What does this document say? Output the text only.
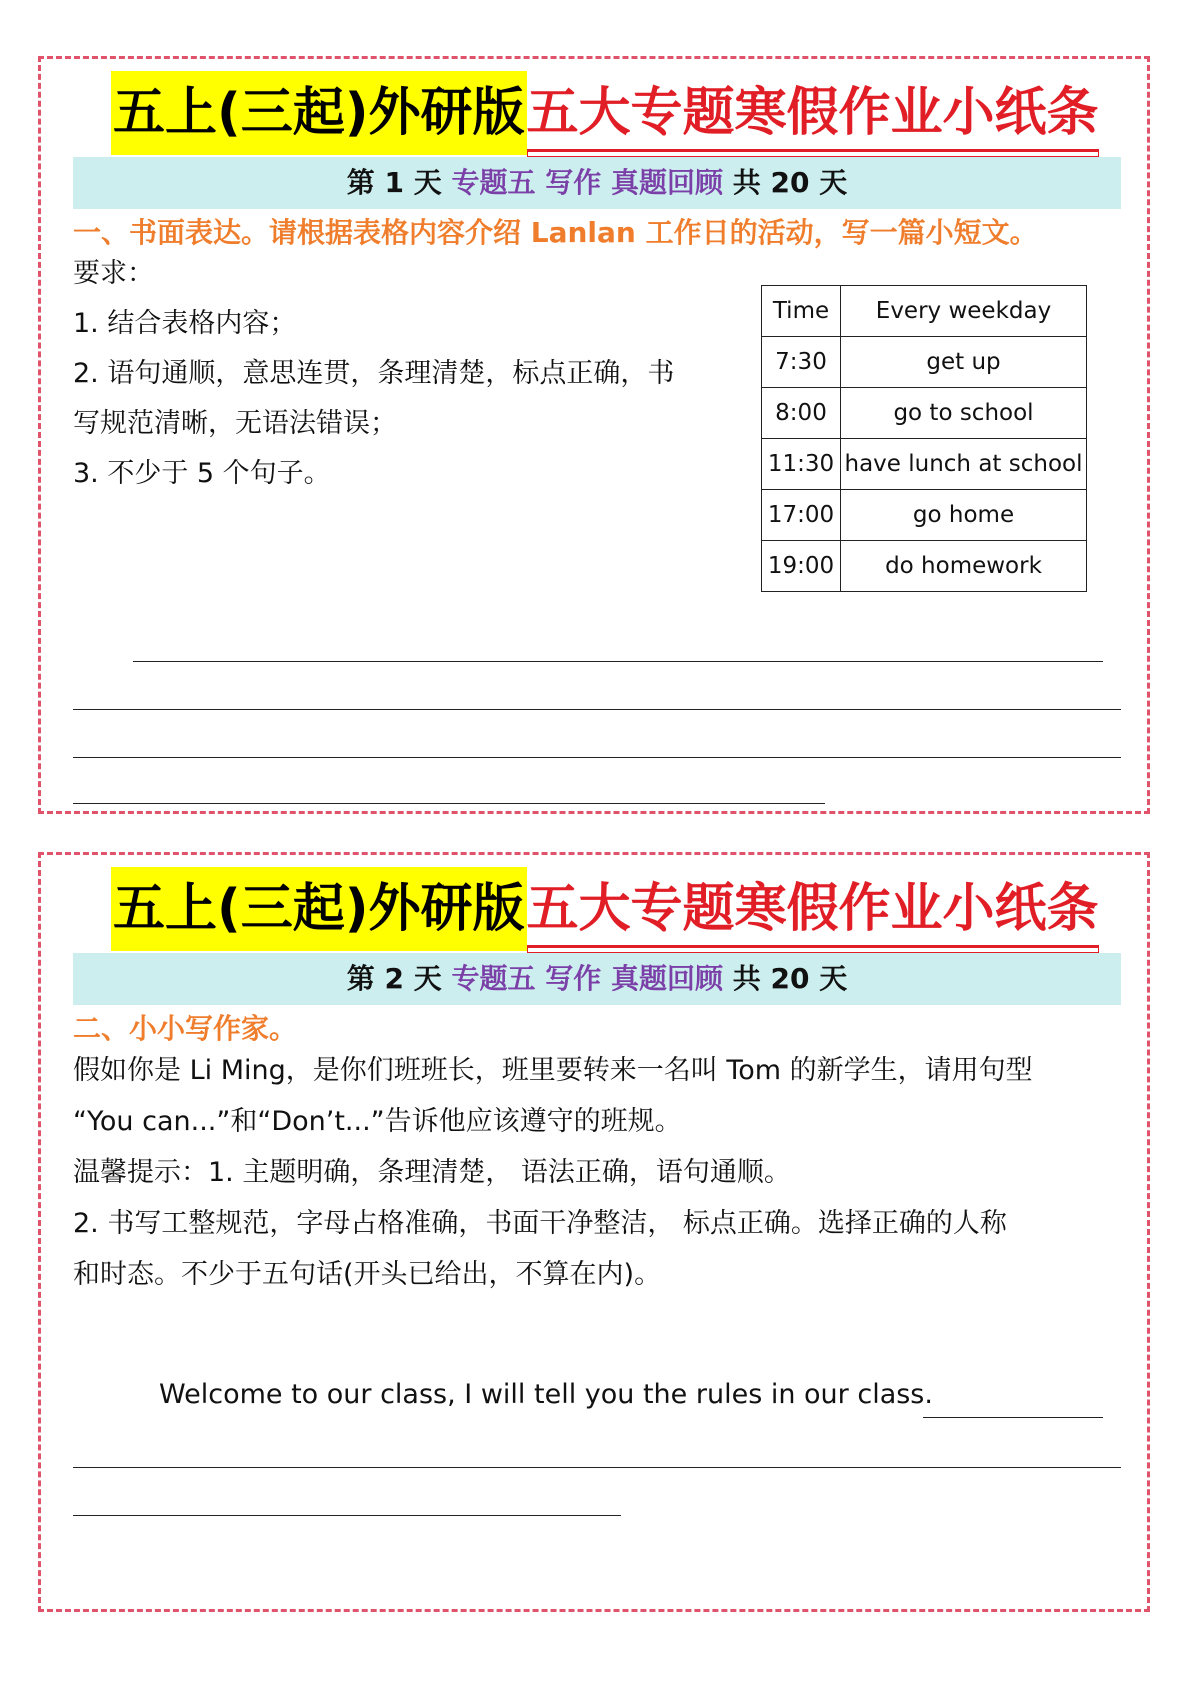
五上(三起)外研版五大专题寒假作业小纸条
第 1 天 专题五 写作 真题回顾 共 20 天
一、书面表达。请根据表格内容介绍 Lanlan 工作日的活动，写一篇小短文。
要求：
1. 结合表格内容；
2. 语句通顺，意思连贯，条理清楚，标点正确，书
写规范清晰，无语法错误；
3. 不少于 5 个句子。
Time	Every weekday
7:30	get up
8:00	go to school
11:30	have lunch at school
17:00	go home
19:00	do homework
五上(三起)外研版五大专题寒假作业小纸条
第 2 天 专题五 写作 真题回顾 共 20 天
二、小小写作家。
假如你是 Li Ming，是你们班班长，班里要转来一名叫 Tom 的新学生，请用句型
“You can...”和“Don’t...”告诉他应该遵守的班规。
温馨提示：1. 主题明确，条理清楚， 语法正确，语句通顺。
2. 书写工整规范，字母占格准确，书面干净整洁， 标点正确。选择正确的人称
和时态。不少于五句话(开头已给出，不算在内)。
Welcome to our class, I will tell you the rules in our class.
